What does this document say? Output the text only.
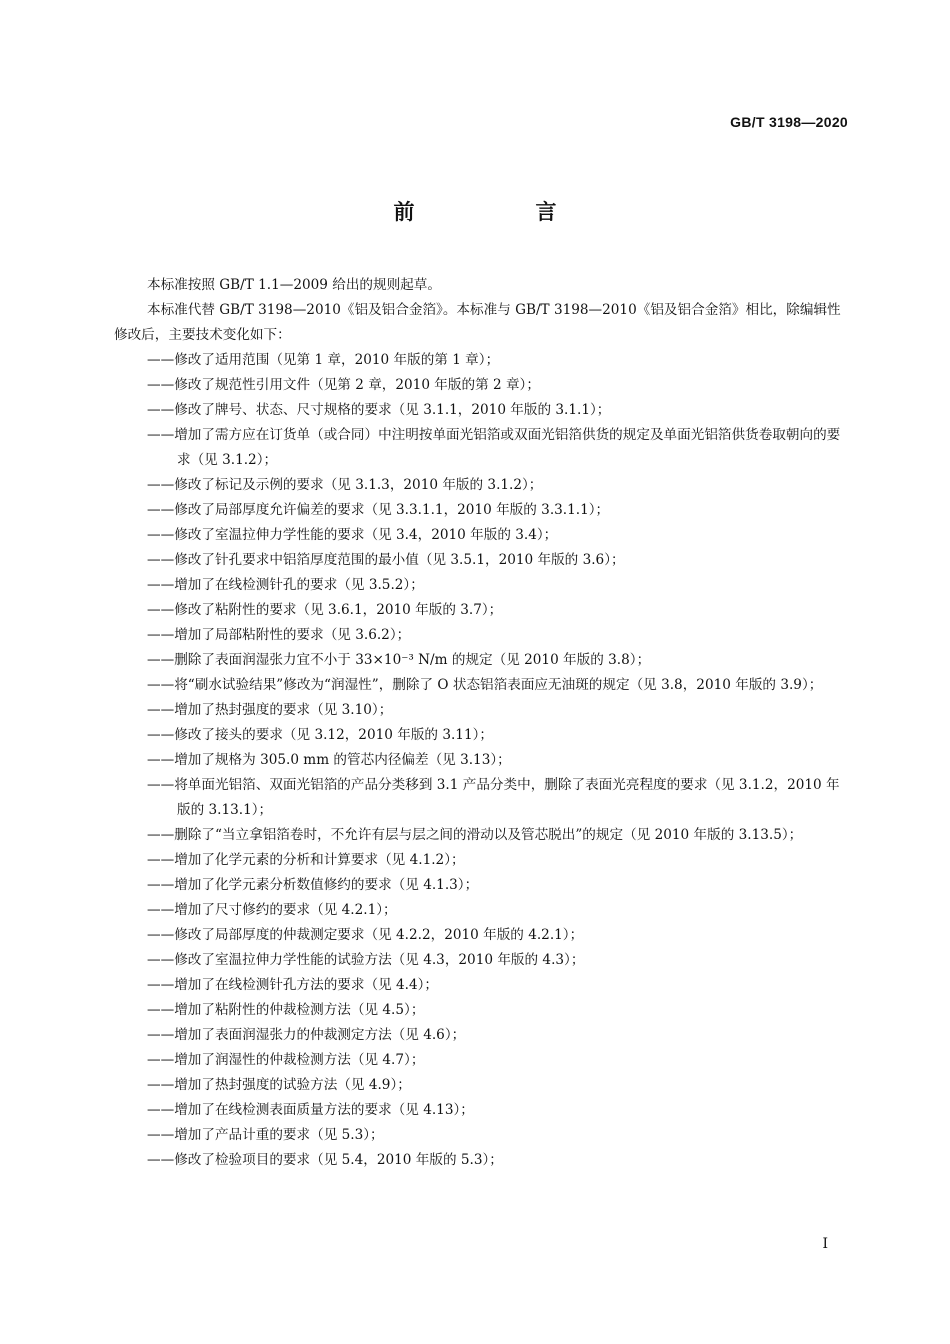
GB/T 3198—2020
前　言

本标准按照 GB/T 1.1—2009 给出的规则起草。

本标准代替 GB/T 3198—2010《铝及铝合金箔》。本标准与 GB/T 3198—2010《铝及铝合金箔》相比，除编辑性修改后，主要技术变化如下：

——修改了适用范围（见第 1 章，2010 年版的第 1 章）；

——修改了规范性引用文件（见第 2 章，2010 年版的第 2 章）；

——修改了牌号、状态、尺寸规格的要求（见 3.1.1，2010 年版的 3.1.1）；

——增加了需方应在订货单（或合同）中注明按单面光铝箔或双面光铝箔供货的规定及单面光铝箔供货卷取朝向的要求（见 3.1.2）；

——修改了标记及示例的要求（见 3.1.3，2010 年版的 3.1.2）；

——修改了局部厚度允许偏差的要求（见 3.3.1.1，2010 年版的 3.3.1.1）；

——修改了室温拉伸力学性能的要求（见 3.4，2010 年版的 3.4）；

——修改了针孔要求中铝箔厚度范围的最小值（见 3.5.1，2010 年版的 3.6）；

——增加了在线检测针孔的要求（见 3.5.2）；

——修改了粘附性的要求（见 3.6.1，2010 年版的 3.7）；

——增加了局部粘附性的要求（见 3.6.2）；

——删除了表面润湿张力宜不小于 33×10⁻³ N/m 的规定（见 2010 年版的 3.8）；

——将“刷水试验结果”修改为“润湿性”，删除了 O 状态铝箔表面应无油斑的规定（见 3.8，2010 年版的 3.9）；

——增加了热封强度的要求（见 3.10）；

——修改了接头的要求（见 3.12，2010 年版的 3.11）；

——增加了规格为 305.0 mm 的管芯内径偏差（见 3.13）；

——将单面光铝箔、双面光铝箔的产品分类移到 3.1 产品分类中，删除了表面光亮程度的要求（见 3.1.2，2010 年版的 3.13.1）；

——删除了“当立拿铝箔卷时，不允许有层与层之间的滑动以及管芯脱出”的规定（见 2010 年版的 3.13.5）；

——增加了化学元素的分析和计算要求（见 4.1.2）；

——增加了化学元素分析数值修约的要求（见 4.1.3）；

——增加了尺寸修约的要求（见 4.2.1）；

——修改了局部厚度的仲裁测定要求（见 4.2.2，2010 年版的 4.2.1）；

——修改了室温拉伸力学性能的试验方法（见 4.3，2010 年版的 4.3）；

——增加了在线检测针孔方法的要求（见 4.4）；

——增加了粘附性的仲裁检测方法（见 4.5）；

——增加了表面润湿张力的仲裁测定方法（见 4.6）；

——增加了润湿性的仲裁检测方法（见 4.7）；

——增加了热封强度的试验方法（见 4.9）；

——增加了在线检测表面质量方法的要求（见 4.13）；

——增加了产品计重的要求（见 5.3）；

——修改了检验项目的要求（见 5.4，2010 年版的 5.3）；

I
